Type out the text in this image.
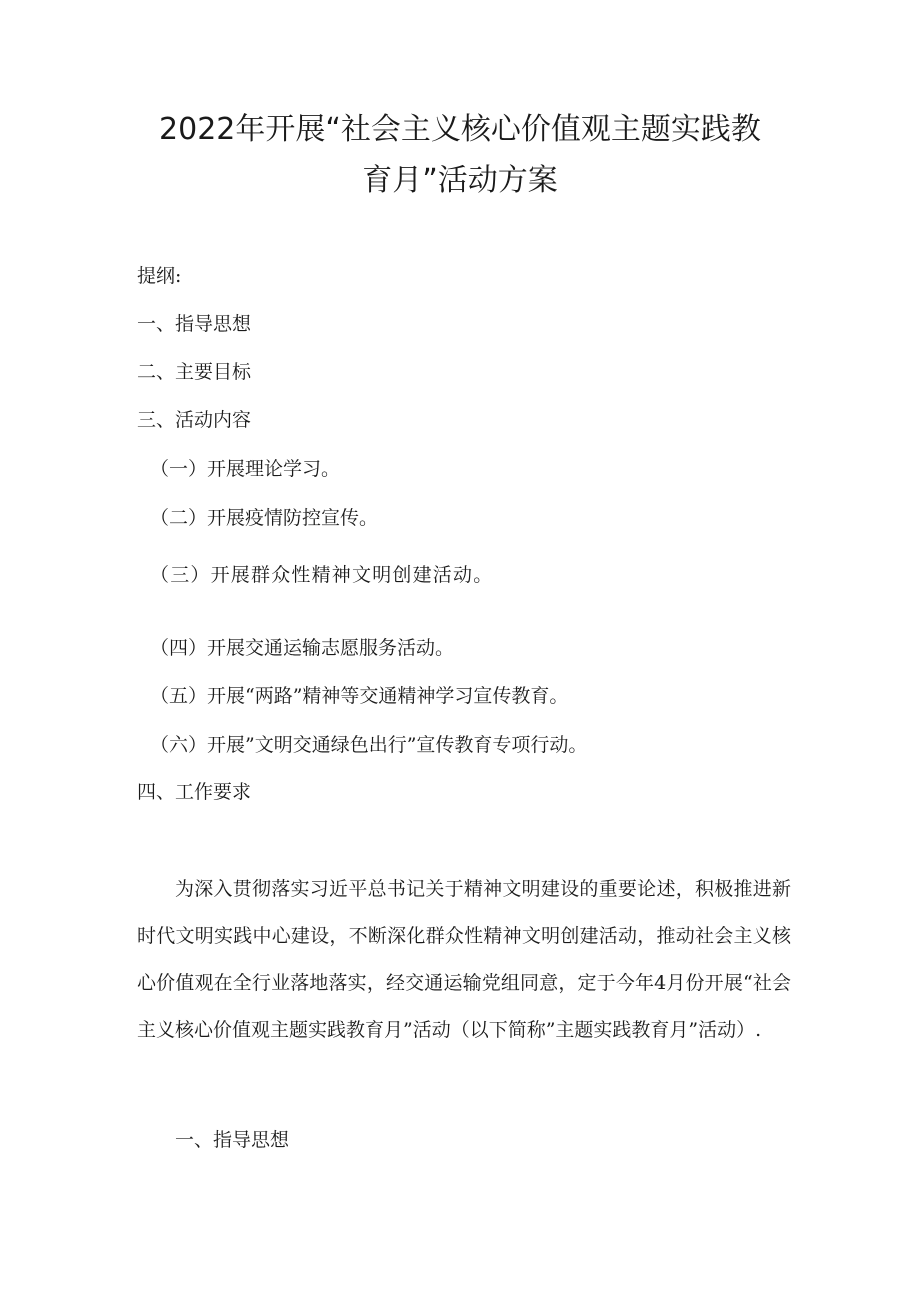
2022年开展“社会主义核心价值观主题实践教
育月”活动方案
提纲:
一、指导思想
二、主要目标
三、活动内容
（一）开展理论学习。
（二）开展疫情防控宣传。
（三）开展群众性精神文明创建活动。
（四）开展交通运输志愿服务活动。
（五）开展“两路”精神等交通精神学习宣传教育。
（六）开展”文明交通绿色出行”宣传教育专项行动。
四、工作要求
为深入贯彻落实习近平总书记关于精神文明建设的重要论述，积极推进新时代文明实践中心建设，不断深化群众性精神文明创建活动，推动社会主义核心价值观在全行业落地落实，经交通运输党组同意，定于今年4月份开展“社会主义核心价值观主题实践教育月”活动（以下简称”主题实践教育月”活动）.
一、指导思想
